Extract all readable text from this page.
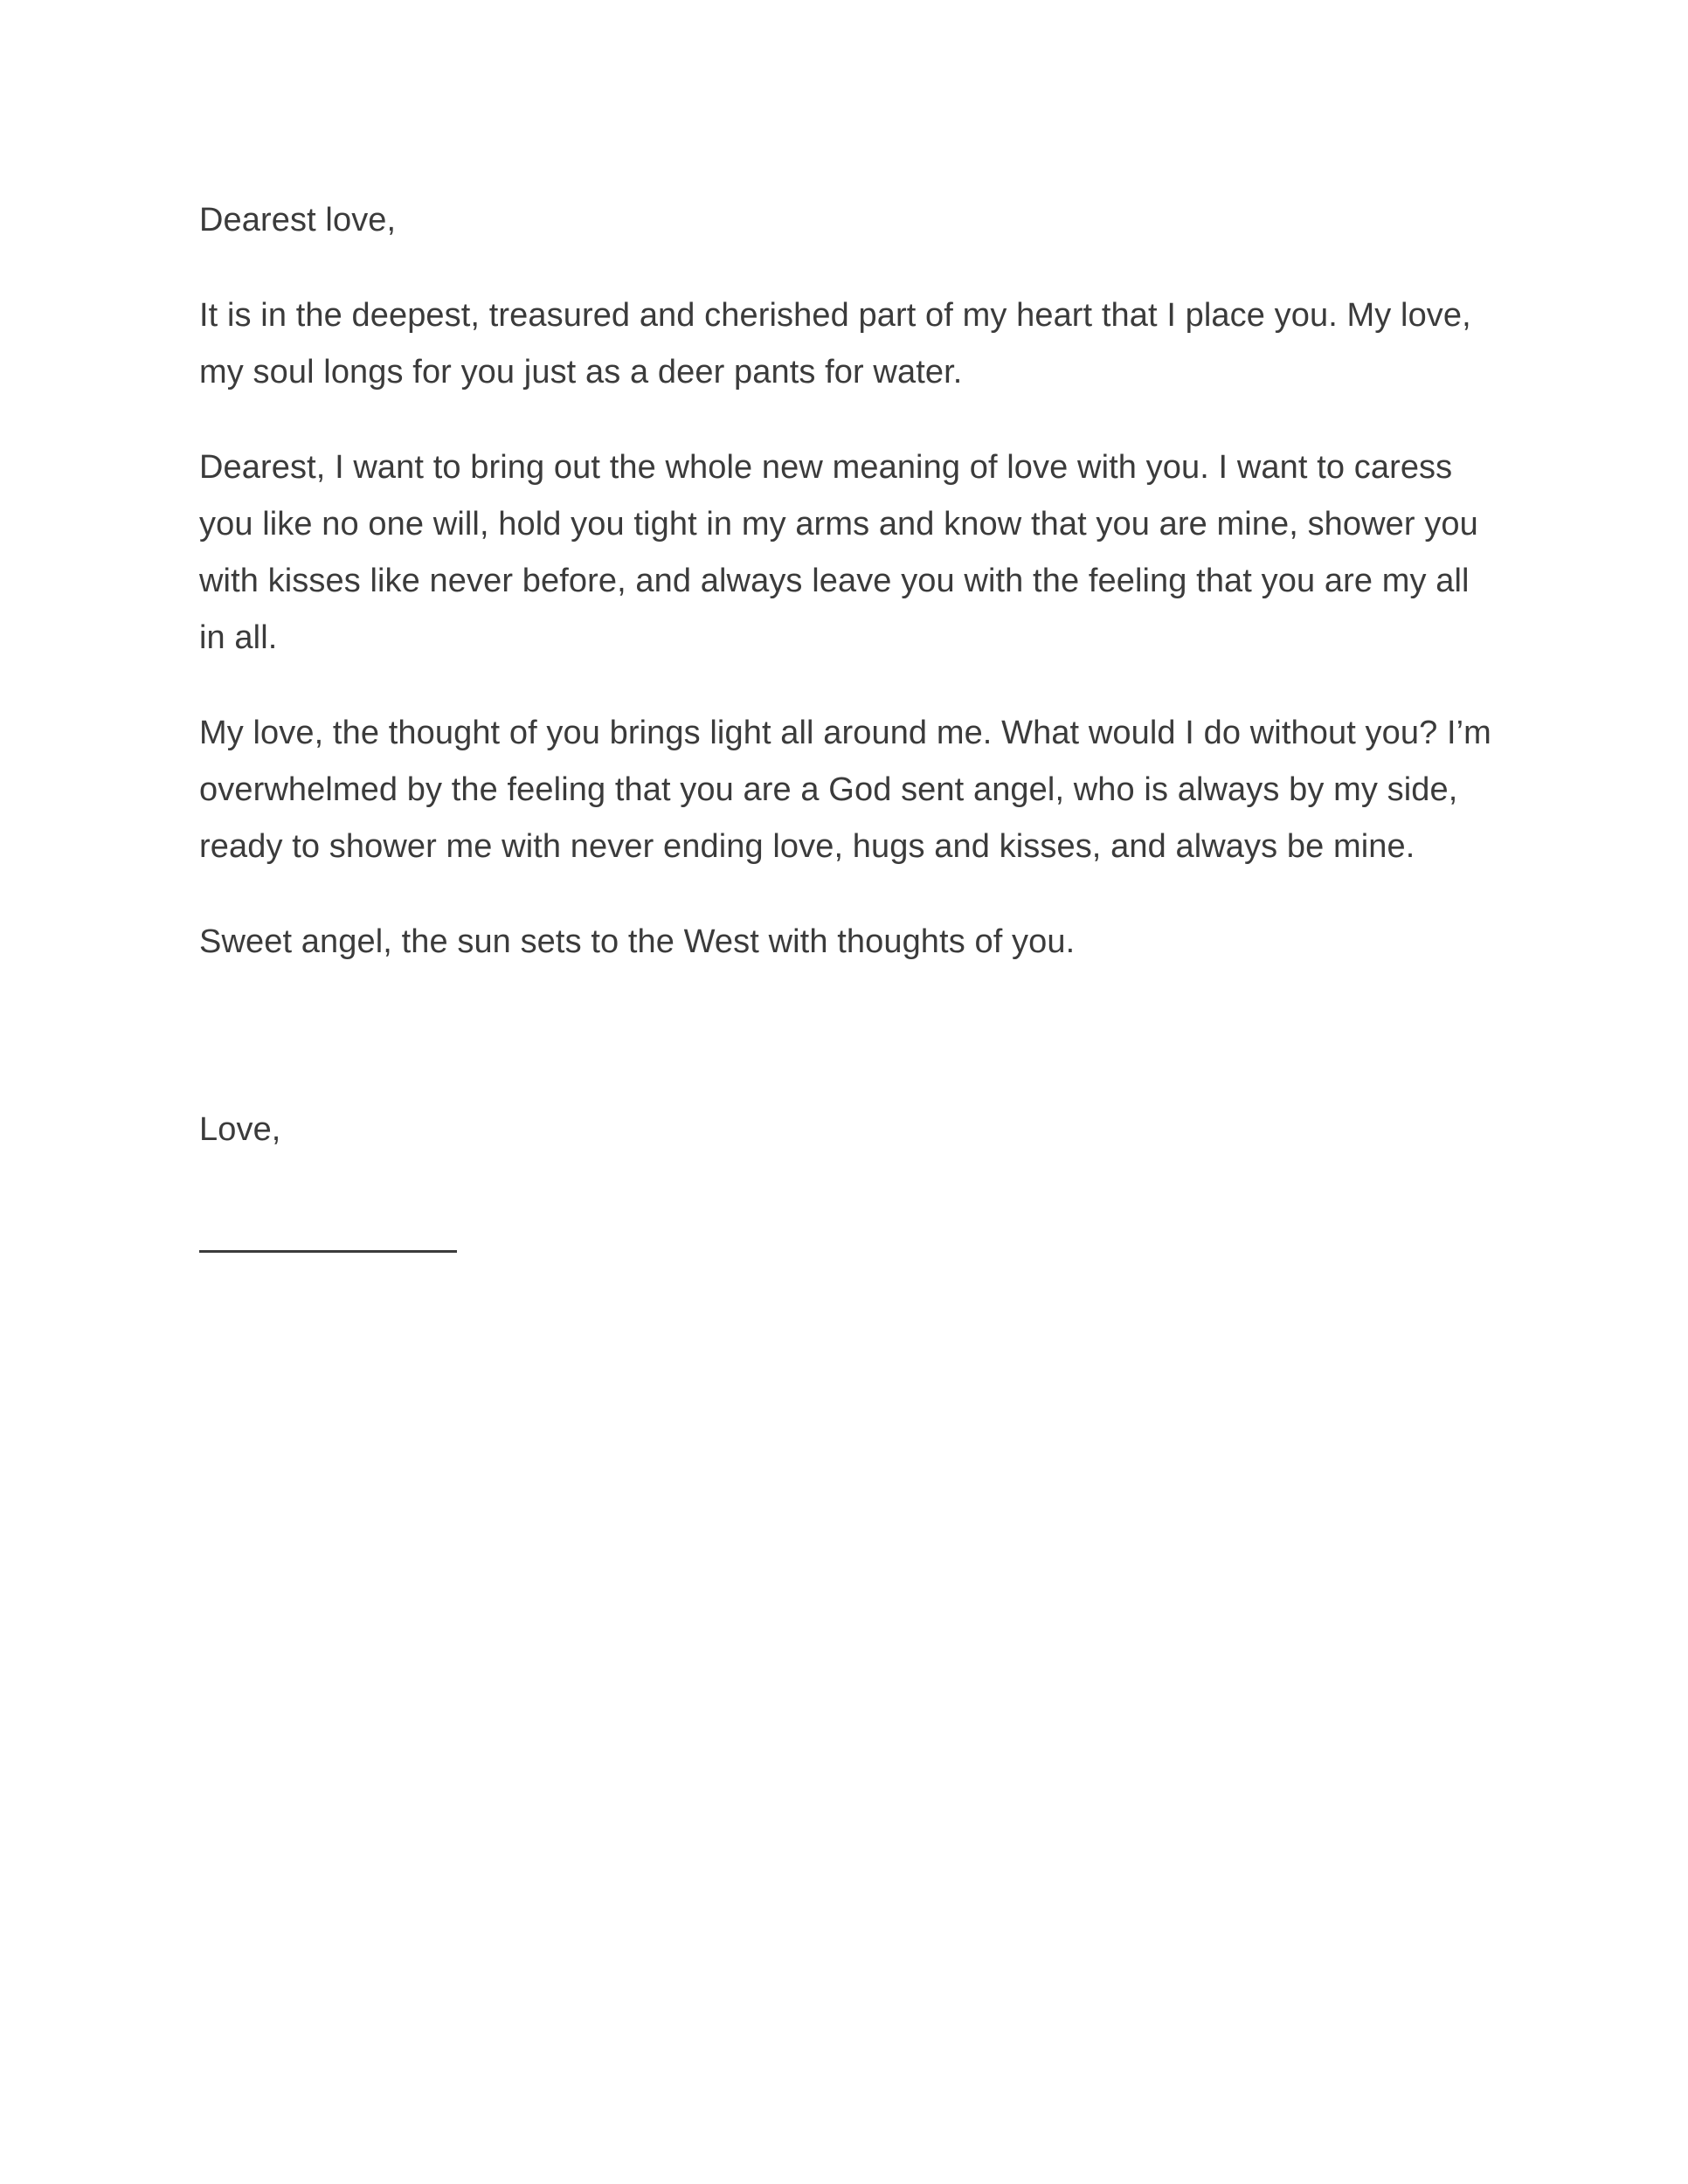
Dearest love,

It is in the deepest, treasured and cherished part of my heart that I place you. My love, my soul longs for you just as a deer pants for water.

Dearest, I want to bring out the whole new meaning of love with you. I want to caress you like no one will, hold you tight in my arms and know that you are mine, shower you with kisses like never before, and always leave you with the feeling that you are my all in all.

My love, the thought of you brings light all around me. What would I do without you? I’m overwhelmed by the feeling that you are a God sent angel, who is always by my side, ready to shower me with never ending love, hugs and kisses, and always be mine.

Sweet angel, the sun sets to the West with thoughts of you.

Love,
